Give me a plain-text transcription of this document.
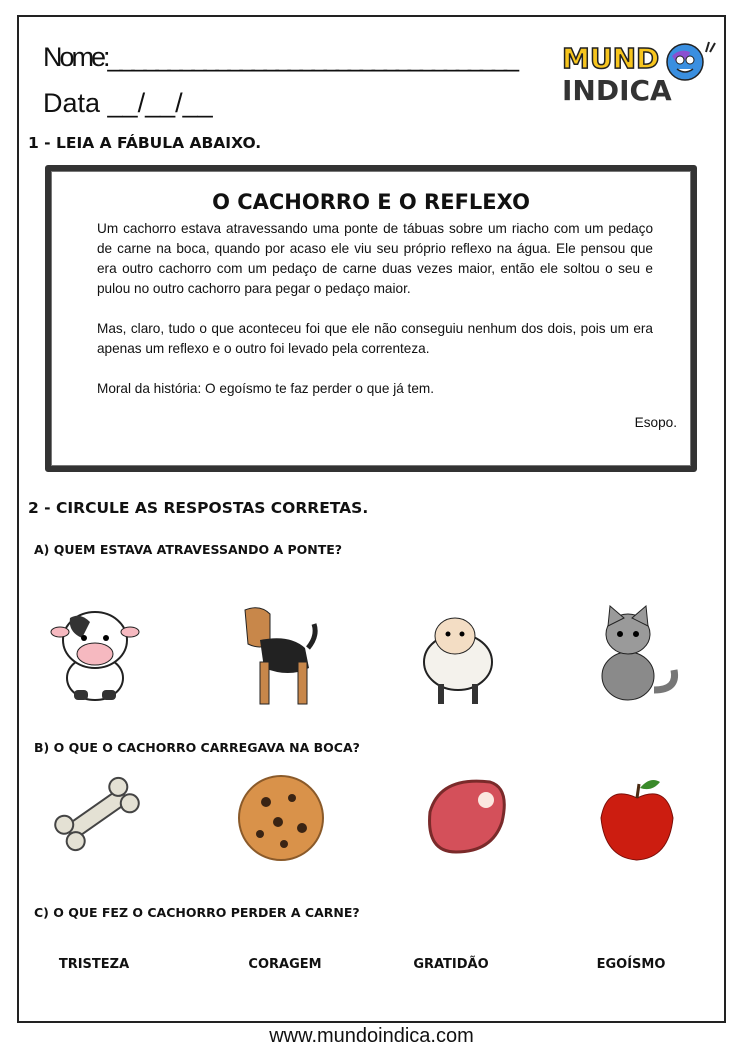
Nome:__________________________________
Data __/__/__
MUND
INDICA
1 - LEIA A FÁBULA ABAIXO.
O CACHORRO E O REFLEXO
Um cachorro estava atravessando uma ponte de tábuas sobre um riacho com um pedaço de carne na boca, quando por acaso ele viu seu próprio reflexo na água. Ele pensou que era outro cachorro com um pedaço de carne duas vezes maior, então ele soltou o seu e pulou no outro cachorro para pegar o pedaço maior.
Mas, claro, tudo o que aconteceu foi que ele não conseguiu nenhum dos dois, pois um era apenas um reflexo e o outro foi levado pela correnteza.
Moral da história: O egoísmo te faz perder o que já tem.
Esopo.
2 - CIRCULE AS RESPOSTAS CORRETAS.
A) QUEM ESTAVA ATRAVESSANDO A PONTE?
B) O QUE O CACHORRO CARREGAVA NA BOCA?
C) O QUE FEZ O CACHORRO PERDER A CARNE?
TRISTEZA	CORAGEM	GRATIDÃO	EGOÍSMO
www.mundoindica.com
